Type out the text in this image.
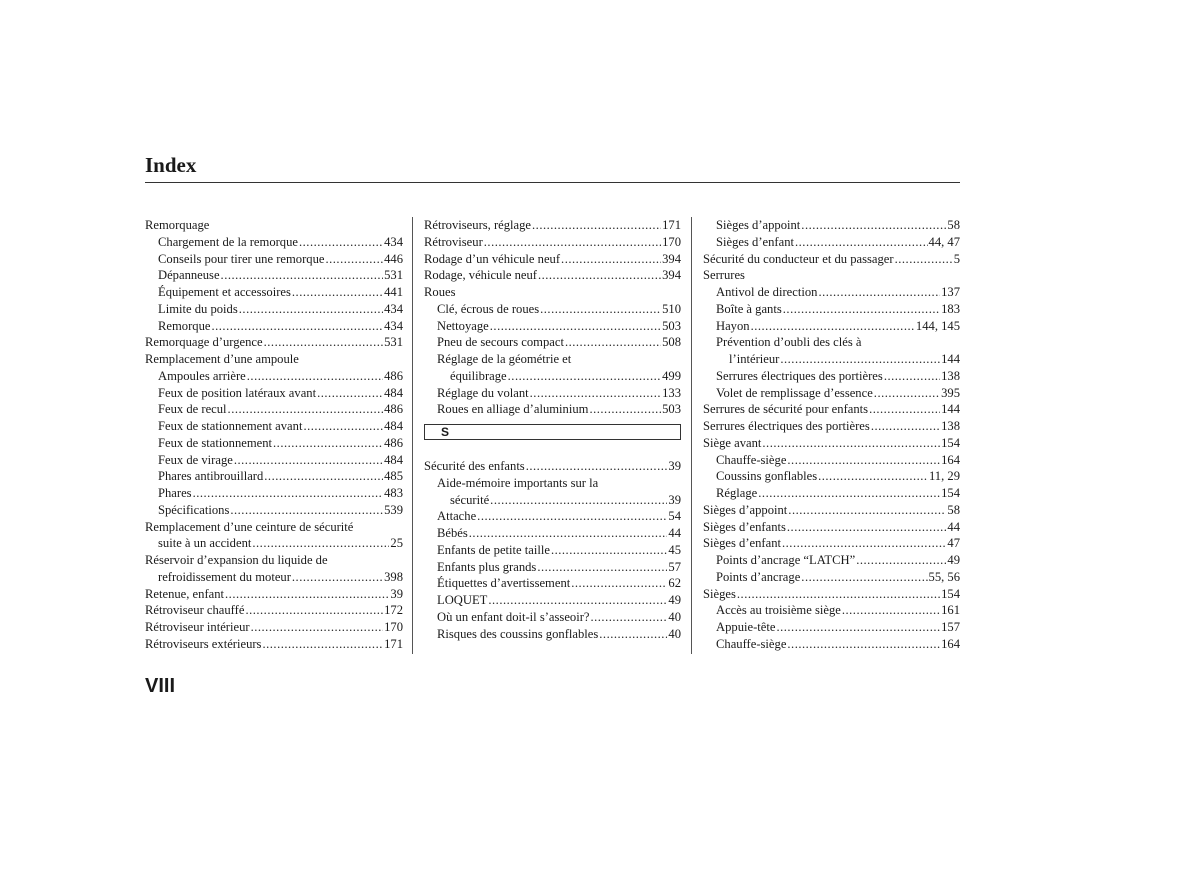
Index
Remorquage
Chargement de la remorque .....	434
Conseils pour tirer une remorque .....	446
Dépanneuse .....	531
Équipement et accessoires .....	441
Limite du poids .....	434
Remorque .....	434
Remorquage d’urgence .....	531
Remplacement d’une ampoule
Ampoules arrière .....	486
Feux de position latéraux avant .....	484
Feux de recul .....	486
Feux de stationnement avant .....	484
Feux de stationnement .....	486
Feux de virage .....	484
Phares antibrouillard .....	485
Phares .....	483
Spécifications .....	539
Remplacement d’une ceinture de sécurité
suite à un accident .....	25
Réservoir d’expansion du liquide de
refroidissement du moteur .....	398
Retenue, enfant .....	39
Rétroviseur chauffé .....	172
Rétroviseur intérieur .....	170
Rétroviseurs extérieurs .....	171
Rétroviseurs, réglage .....	171
Rétroviseur .....	170
Rodage d’un véhicule neuf .....	394
Rodage, véhicule neuf .....	394
Roues
Clé, écrous de roues .....	510
Nettoyage .....	503
Pneu de secours compact .....	508
Réglage de la géométrie et
équilibrage .....	499
Réglage du volant .....	133
Roues en alliage d’aluminium .....	503
S
Sécurité des enfants .....	39
Aide-mémoire importants sur la
sécurité .....	39
Attache .....	54
Bébés .....	44
Enfants de petite taille .....	45
Enfants plus grands .....	57
Étiquettes d’avertissement .....	62
LOQUET .....	49
Où un enfant doit-il s’asseoir? .....	40
Risques des coussins gonflables .....	40
Sièges d’appoint .....	58
Sièges d’enfant .....	44, 47
Sécurité du conducteur et du passager .....	5
Serrures
Antivol de direction .....	137
Boîte à gants .....	183
Hayon .....	144, 145
Prévention d’oubli des clés à
l’intérieur .....	144
Serrures électriques des portières .....	138
Volet de remplissage d’essence .....	395
Serrures de sécurité pour enfants .....	144
Serrures électriques des portières .....	138
Siège avant .....	154
Chauffe-siège .....	164
Coussins gonflables .....	11, 29
Réglage .....	154
Sièges d’appoint .....	58
Sièges d’enfants .....	44
Sièges d’enfant .....	47
Points d’ancrage “LATCH” .....	49
Points d’ancrage .....	55, 56
Sièges .....	154
Accès au troisième siège .....	161
Appuie-tête .....	157
Chauffe-siège .....	164
VIII
